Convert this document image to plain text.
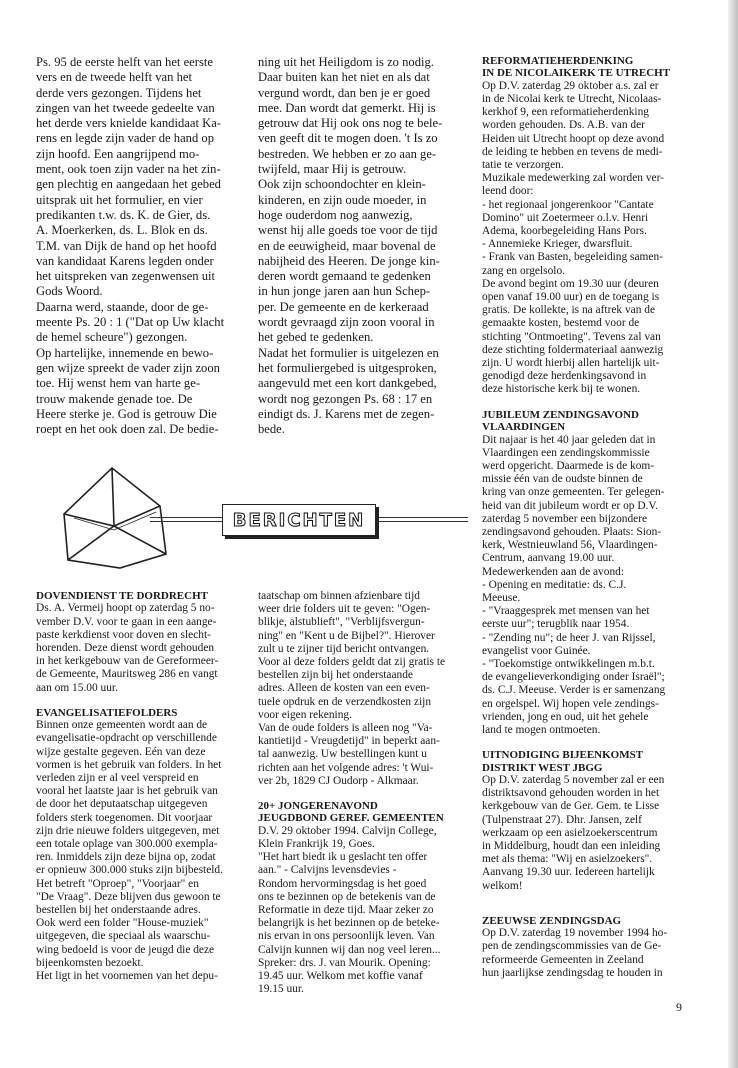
Ps. 95 de eerste helft van het eerste
vers en de tweede helft van het
derde vers gezongen. Tijdens het
zingen van het tweede gedeelte van
het derde vers knielde kandidaat Ka-
rens en legde zijn vader de hand op
zijn hoofd. Een aangrijpend mo-
ment, ook toen zijn vader na het zin-
gen plechtig en aangedaan het gebed
uitsprak uit het formulier, en vier
predikanten t.w. ds. K. de Gier, ds.
A. Moerkerken, ds. L. Blok en ds.
T.M. van Dijk de hand op het hoofd
van kandidaat Karens legden onder
het uitspreken van zegenwensen uit
Gods Woord.
Daarna werd, staande, door de ge-
meente Ps. 20 : 1 ("Dat op Uw klacht
de hemel scheure") gezongen.
Op hartelijke, innemende en bewo-
gen wijze spreekt de vader zijn zoon
toe. Hij wenst hem van harte ge-
trouw makende genade toe. De
Heere sterke je. God is getrouw Die
roept en het ook doen zal. De bedie-
ning uit het Heiligdom is zo nodig.
Daar buiten kan het niet en als dat
vergund wordt, dan ben je er goed
mee. Dan wordt dat gemerkt. Hij is
getrouw dat Hij ook ons nog te bele-
ven geeft dit te mogen doen. 't Is zo
bestreden. We hebben er zo aan ge-
twijfeld, maar Hij is getrouw.
Ook zijn schoondochter en klein-
kinderen, en zijn oude moeder, in
hoge ouderdom nog aanwezig,
wenst hij alle goeds toe voor de tijd
en de eeuwigheid, maar bovenal de
nabijheid des Heeren. De jonge kin-
deren wordt gemaand te gedenken
in hun jonge jaren aan hun Schep-
per. De gemeente en de kerkeraad
wordt gevraagd zijn zoon vooral in
het gebed te gedenken.
Nadat het formulier is uitgelezen en
het formuliergebed is uitgesproken,
aangevuld met een kort dankgebed,
wordt nog gezongen Ps. 68 : 17 en
eindigt ds. J. Karens met de zegen-
bede.
BERICHTEN

DOVENDIENST TE DORDRECHT

Ds. A. Vermeij hoopt op zaterdag 5 no-
vember D.V. voor te gaan in een aange-
paste kerkdienst voor doven en slecht-
horenden. Deze dienst wordt gehouden
in het kerkgebouw van de Gereformeer-
de Gemeente, Mauritsweg 286 en vangt
aan om 15.00 uur.

EVANGELISATIEFOLDERS

Binnen onze gemeenten wordt aan de
evangelisatie-opdracht op verschillende
wijze gestalte gegeven. Eén van deze
vormen is het gebruik van folders. In het
verleden zijn er al veel verspreid en
vooral het laatste jaar is het gebruik van
de door het deputaatschap uitgegeven
folders sterk toegenomen. Dit voorjaar
zijn drie nieuwe folders uitgegeven, met
een totale oplage van 300.000 exempla-
ren. Inmiddels zijn deze bijna op, zodat
er opnieuw 300.000 stuks zijn bijbesteld.
Het betreft "Oproep", "Voorjaar" en
"De Vraag". Deze blijven dus gewoon te
bestellen bij het onderstaande adres.
Ook werd een folder "House-muziek"
uitgegeven, die speciaal als waarschu-
wing bedoeld is voor de jeugd die deze
bijeenkomsten bezoekt.
Het ligt in het voornemen van het depu-
taatschap om binnen afzienbare tijd
weer drie folders uit te geven: "Ogen-
blikje, alstublieft", "Verblijfsvergun-
ning" en "Kent u de Bijbel?". Hierover
zult u te zijner tijd bericht ontvangen.
Voor al deze folders geldt dat zij gratis te
bestellen zijn bij het onderstaande
adres. Alleen de kosten van een even-
tuele opdruk en de verzendkosten zijn
voor eigen rekening.
Van de oude folders is alleen nog "Va-
kantietijd - Vreugdetijd" in beperkt aan-
tal aanwezig. Uw bestellingen kunt u
richten aan het volgende adres: 't Wui-
ver 2b, 1829 CJ Oudorp - Alkmaar.

20+ JONGERENAVOND

JEUGDBOND GEREF. GEMEENTEN

D.V. 29 oktober 1994. Calvijn College,
Klein Frankrijk 19, Goes.
"Het hart biedt ik u geslacht ten offer
aan." - Calvijns levensdevies -
Rondom hervormingsdag is het goed
ons te bezinnen op de betekenis van de
Reformatie in deze tijd. Maar zeker zo
belangrijk is het bezinnen op de beteke-
nis ervan in ons persoonlijk leven. Van
Calvijn kunnen wij dan nog veel leren...
Spreker: drs. J. van Mourik. Opening:
19.45 uur. Welkom met koffie vanaf
19.15 uur.

REFORMATIEHERDENKING

IN DE NICOLAIKERK TE UTRECHT

Op D.V. zaterdag 29 oktober a.s. zal er
in de Nicolai kerk te Utrecht, Nicolaas-
kerkhof 9, een reformatieherdenking
worden gehouden. Ds. A.B. van der
Heiden uit Utrecht hoopt op deze avond
de leiding te hebben en tevens de medi-
tatie te verzorgen.
Muzikale medewerking zal worden ver-
leend door:
- het regionaal jongerenkoor "Cantate
Domino" uit Zoetermeer o.l.v. Henri
Adema, koorbegeleiding Hans Pors.
- Annemieke Krieger, dwarsfluit.
- Frank van Basten, begeleiding samen-
zang en orgelsolo.
De avond begint om 19.30 uur (deuren
open vanaf 19.00 uur) en de toegang is
gratis. De kollekte, is na aftrek van de
gemaakte kosten, bestemd voor de
stichting "Ontmoeting". Tevens zal van
deze stichting foldermateriaal aanwezig
zijn. U wordt hierbij allen hartelijk uit-
genodigd deze herdenkingsavond in
deze historische kerk bij te wonen.

JUBILEUM ZENDINGSAVOND

VLAARDINGEN

Dit najaar is het 40 jaar geleden dat in
Vlaardingen een zendingskommissie
werd opgericht. Daarmede is de kom-
missie één van de oudste binnen de
kring van onze gemeenten. Ter gelegen-
heid van dit jubileum wordt er op D.V.
zaterdag 5 november een bijzondere
zendingsavond gehouden. Plaats: Sion-
kerk, Westnieuwland 56, Vlaardingen-
Centrum, aanvang 19.00 uur.
Medewerkenden aan de avond:
- Opening en meditatie: ds. C.J.
Meeuse.
- "Vraaggesprek met mensen van het
eerste uur"; terugblik naar 1954.
- "Zending nu"; de heer J. van Rijssel,
evangelist voor Guinée.
- "Toekomstige ontwikkelingen m.b.t.
de evangelieverkondiging onder Israël";
ds. C.J. Meeuse. Verder is er samenzang
en orgelspel. Wij hopen vele zendings-
vrienden, jong en oud, uit het gehele
land te mogen ontmoeten.

UITNODIGING BIJEENKOMST

DISTRIKT WEST JBGG

Op D.V. zaterdag 5 november zal er een
distriktsavond gehouden worden in het
kerkgebouw van de Ger. Gem. te Lisse
(Tulpenstraat 27). Dhr. Jansen, zelf
werkzaam op een asielzoekerscentrum
in Middelburg, houdt dan een inleiding
met als thema: "Wij en asielzoekers".
Aanvang 19.30 uur. Iedereen hartelijk
welkom!

ZEEUWSE ZENDINGSDAG

Op D.V. zaterdag 19 november 1994 ho-
pen de zendingscommissies van de Ge-
reformeerde Gemeenten in Zeeland
hun jaarlijkse zendingsdag te houden in
9
